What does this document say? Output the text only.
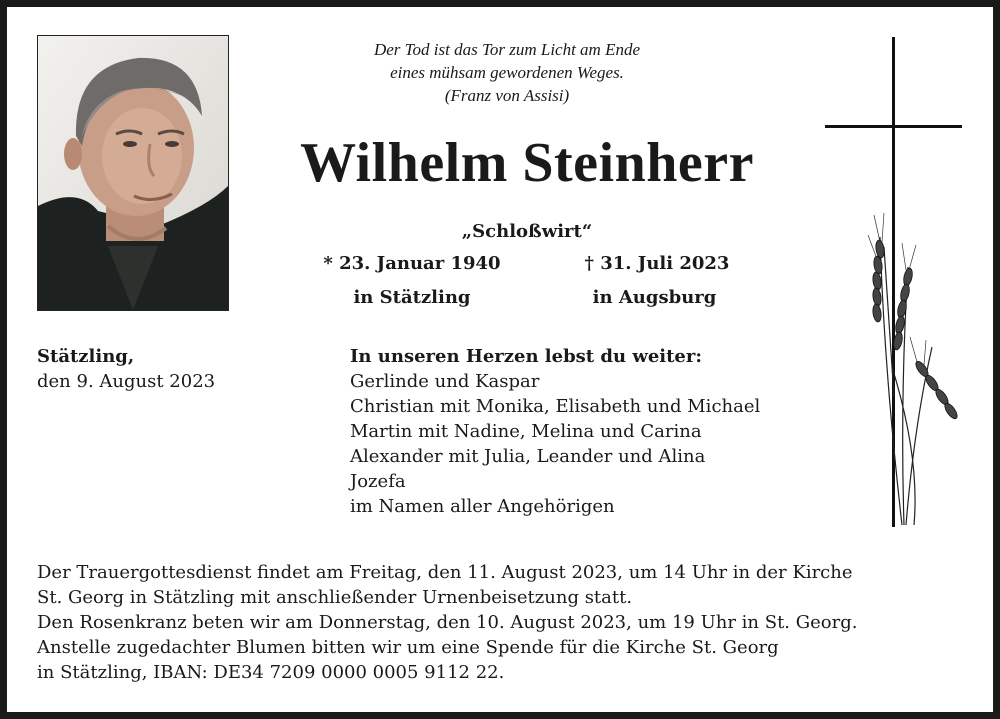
Der Tod ist das Tor zum Licht am Ende
eines mühsam gewordenen Weges.
(Franz von Assisi)
Wilhelm Steinherr
„Schloßwirt“
* 23. Januar 1940
in Stätzling
† 31. Juli 2023
in Augsburg
Stätzling,
den 9. August 2023
In unseren Herzen lebst du weiter:
Gerlinde und Kaspar
Christian mit Monika, Elisabeth und Michael
Martin mit Nadine, Melina und Carina
Alexander mit Julia, Leander und Alina
Jozefa
im Namen aller Angehörigen
Der Trauergottesdienst findet am Freitag, den 11. August 2023, um 14 Uhr in der Kirche
St. Georg in Stätzling mit anschließender Urnenbeisetzung statt.
Den Rosenkranz beten wir am Donnerstag, den 10. August 2023, um 19 Uhr in St. Georg.
Anstelle zugedachter Blumen bitten wir um eine Spende für die Kirche St. Georg
in Stätzling, IBAN: DE34 7209 0000 0005 9112 22.
